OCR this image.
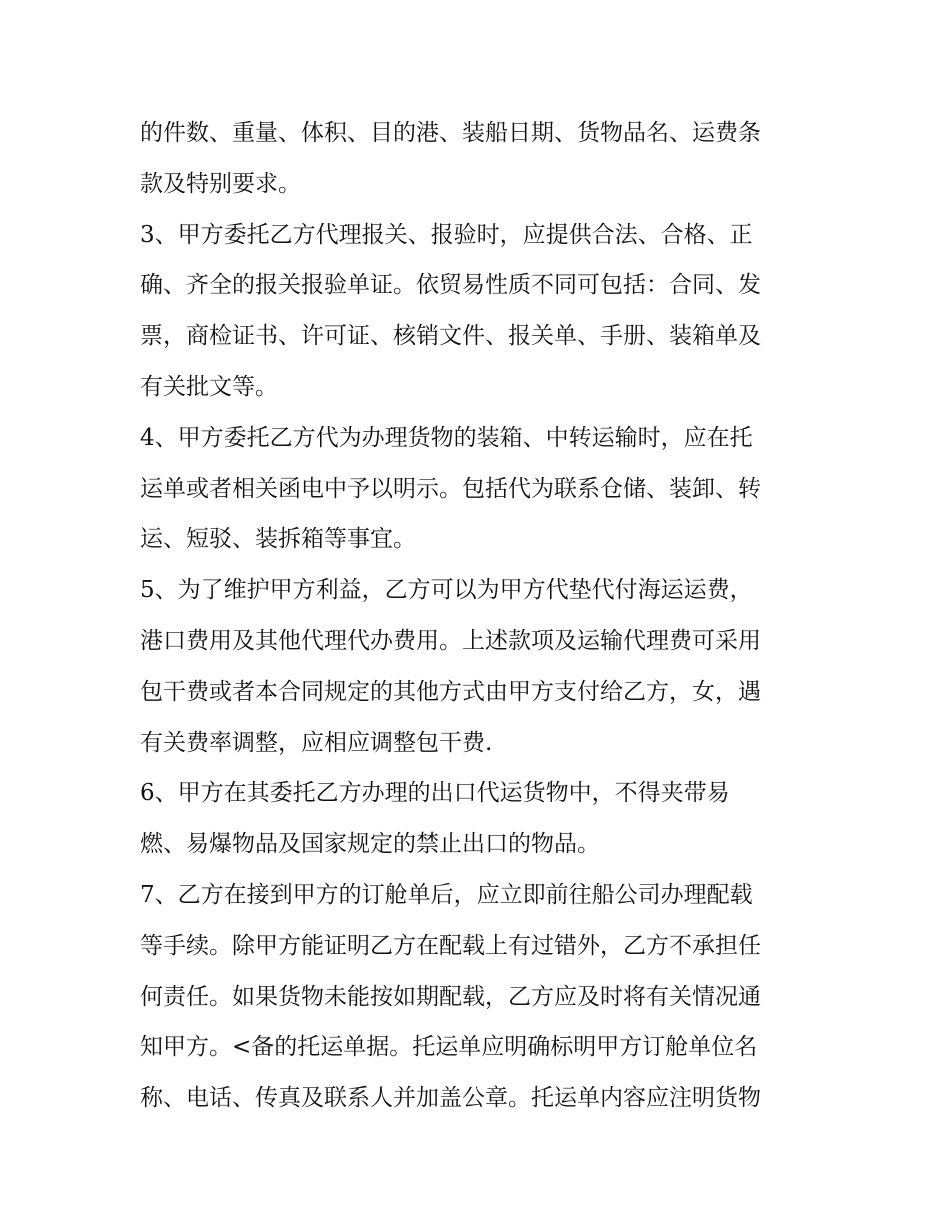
的件数、重量、体积、目的港、装船日期、货物品名、运费条
款及特别要求。
3、甲方委托乙方代理报关、报验时，应提供合法、合格、正
确、齐全的报关报验单证。依贸易性质不同可包括：合同、发
票，商检证书、许可证、核销文件、报关单、手册、装箱单及
有关批文等。
4、甲方委托乙方代为办理货物的装箱、中转运输时，应在托
运单或者相关函电中予以明示。包括代为联系仓储、装卸、转
运、短驳、装拆箱等事宜。
5、为了维护甲方利益，乙方可以为甲方代垫代付海运运费，
港口费用及其他代理代办费用。上述款项及运输代理费可采用
包干费或者本合同规定的其他方式由甲方支付给乙方，女，遇
有关费率调整，应相应调整包干费.
6、甲方在其委托乙方办理的出口代运货物中，不得夹带易
燃、易爆物品及国家规定的禁止出口的物品。
7、乙方在接到甲方的订舱单后，应立即前往船公司办理配载
等手续。除甲方能证明乙方在配载上有过错外，乙方不承担任
何责任。如果货物未能按如期配载，乙方应及时将有关情况通
知甲方。<备的托运单据。托运单应明确标明甲方订舱单位名
称、电话、传真及联系人并加盖公章。托运单内容应注明货物
